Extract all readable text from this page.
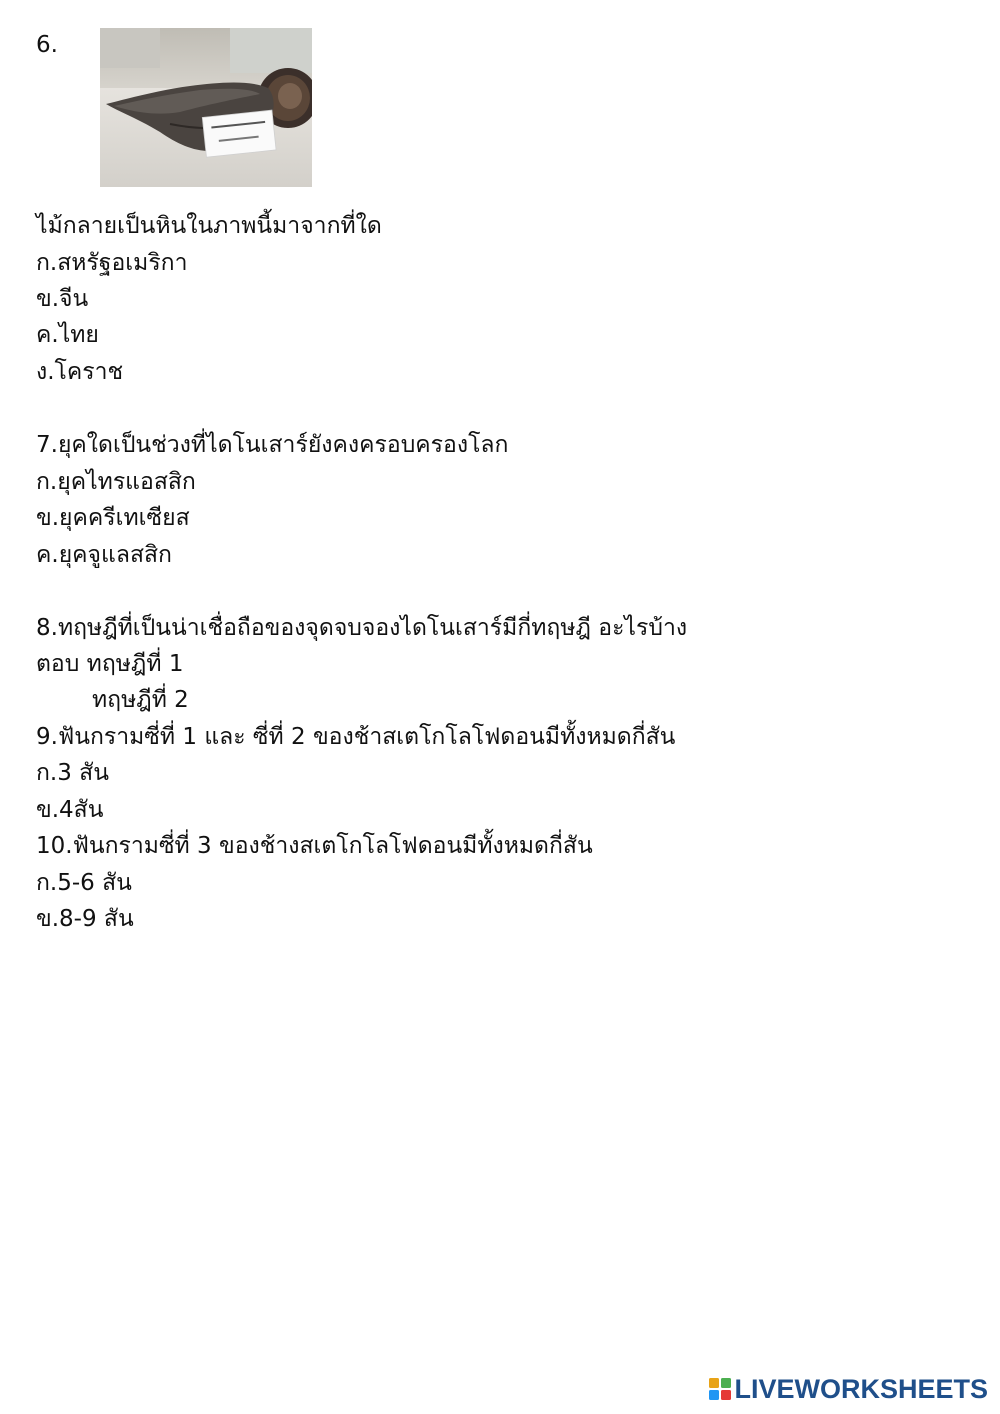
6.
ไม้กลายเป็นหินในภาพนี้มาจากที่ใด
ก.สหรัฐอเมริกา
ข.จีน
ค.ไทย
ง.โคราช
7.ยุคใดเป็นช่วงที่ไดโนเสาร์ยังคงครอบครองโลก
ก.ยุคไทรแอสสิก
ข.ยุคครีเทเซียส
ค.ยุคจูแลสสิก
8.ทฤษฎีที่เป็นน่าเชื่อถือของจุดจบจองไดโนเสาร์มีกี่ทฤษฎี อะไรบ้าง
ตอบ ทฤษฎีที่ 1
ทฤษฎีที่ 2
9.ฟันกรามซี่ที่ 1 และ ซี่ที่ 2 ของช้าสเตโกโลโฟดอนมีทั้งหมดกี่สัน
ก.3 สัน
ข.4สัน
10.ฟันกรามซี่ที่ 3 ของช้างสเตโกโลโฟดอนมีทั้งหมดกี่สัน
ก.5-6 สัน
ข.8-9 สัน
LIVEWORKSHEETS
